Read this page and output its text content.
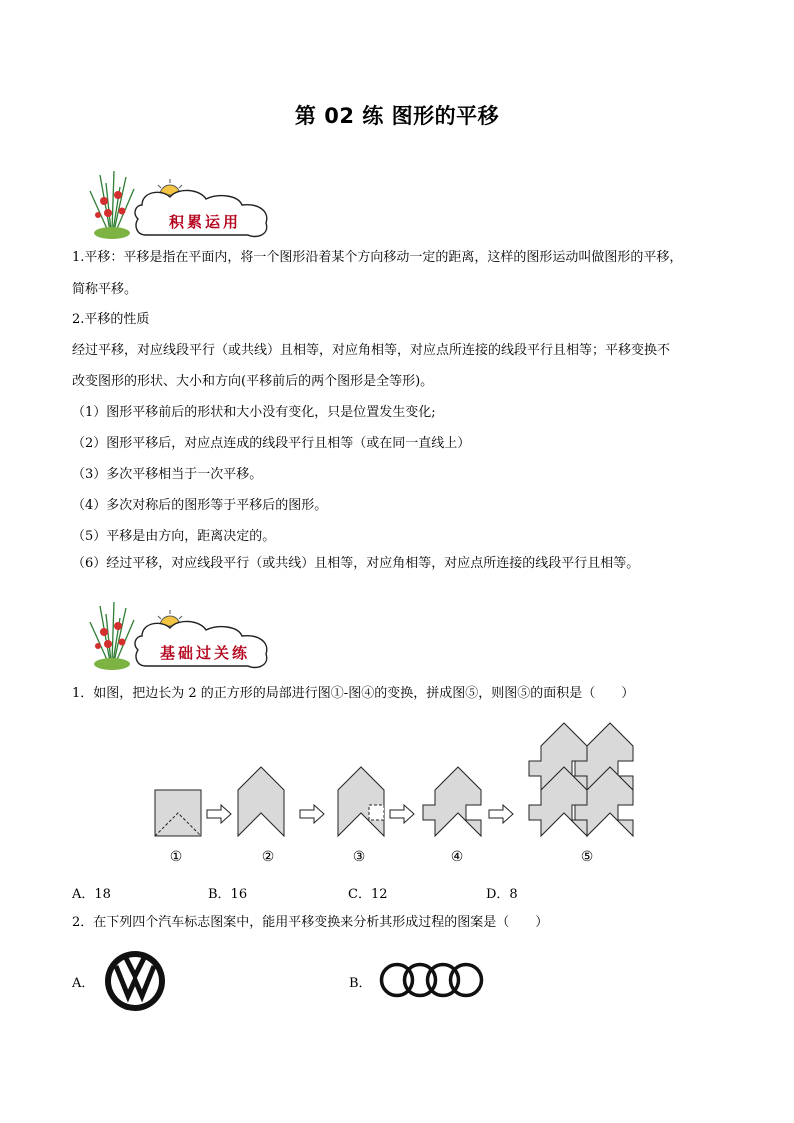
第 02 练 图形的平移
积累运用
1.平移：平移是指在平面内，将一个图形沿着某个方向移动一定的距离，这样的图形运动叫做图形的平移，
简称平移。
2.平移的性质
经过平移，对应线段平行（或共线）且相等，对应角相等，对应点所连接的线段平行且相等；平移变换不
改变图形的形状、大小和方向(平移前后的两个图形是全等形)。
（1）图形平移前后的形状和大小没有变化，只是位置发生变化;
（2）图形平移后，对应点连成的线段平行且相等（或在同一直线上）
（3）多次平移相当于一次平移。
（4）多次对称后的图形等于平移后的图形。
（5）平移是由方向，距离决定的。
（6）经过平移，对应线段平行（或共线）且相等，对应角相等，对应点所连接的线段平行且相等。
基础过关练
1．如图，把边长为 2 的正方形的局部进行图①-图④的变换，拼成图⑤，则图⑤的面积是（　　）
①	②	③	④	⑤
A．18	B．16	C．12	D．8
2．在下列四个汽车标志图案中，能用平移变换来分析其形成过程的图案是（　　）
A．	B．
